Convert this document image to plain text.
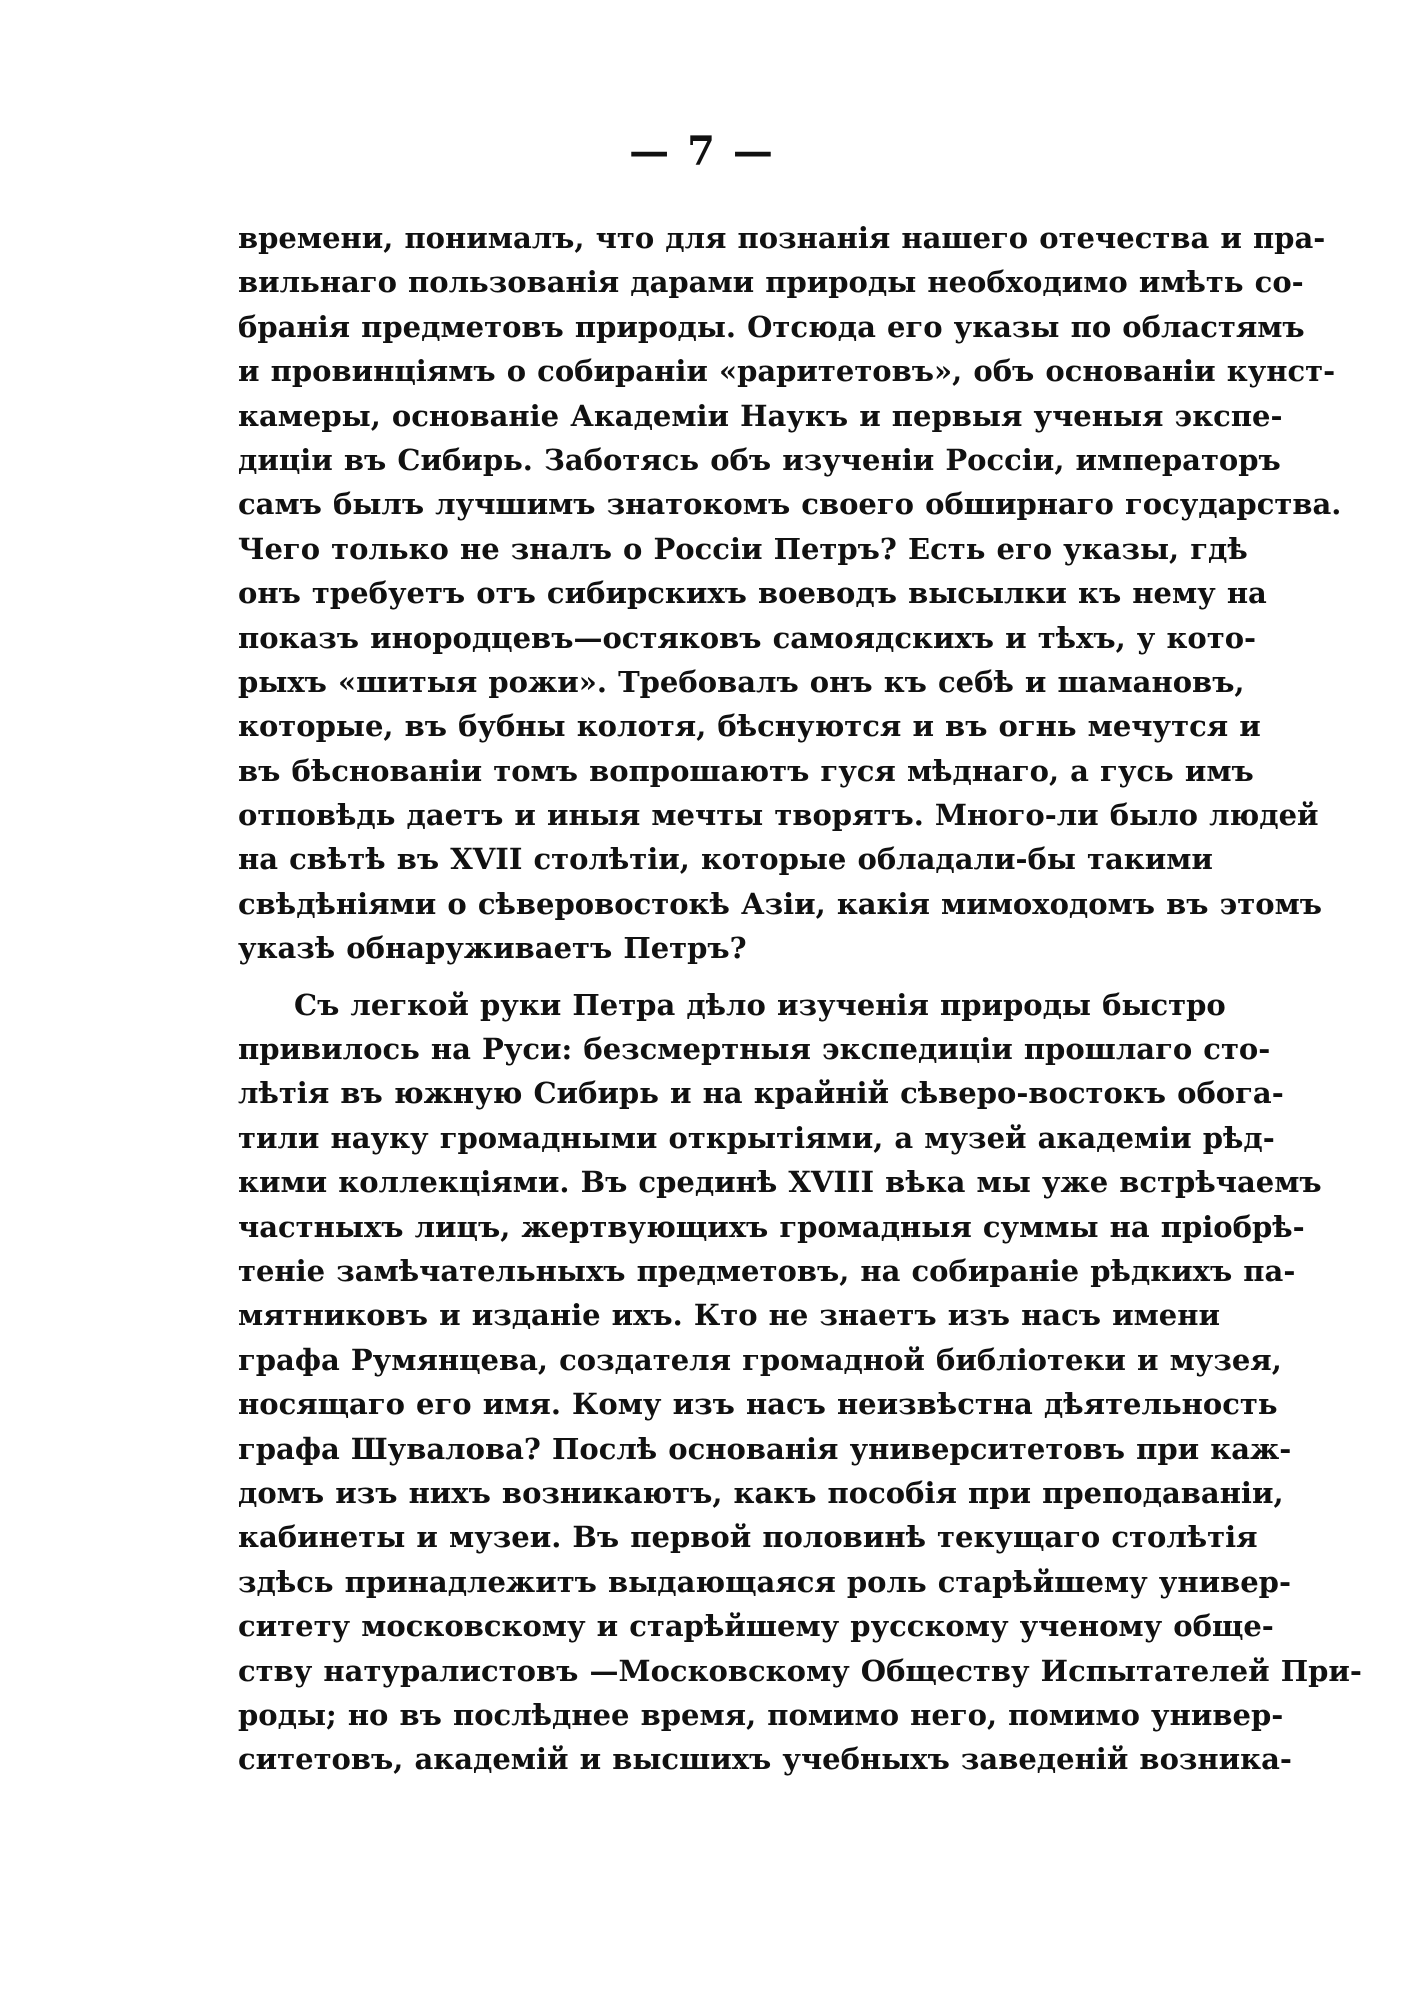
— 7 —
времени, понималъ, что для познанія нашего отечества и пра-
вильнаго пользованія дарами природы необходимо имѣть со-
бранія предметовъ природы. Отсюда его указы по областямъ
и провинціямъ о собираніи «раритетовъ», объ основаніи кунст-
камеры, основаніе Академіи Наукъ и первыя ученыя экспе-
диціи въ Сибирь. Заботясь объ изученіи Россіи, императоръ
самъ былъ лучшимъ знатокомъ своего обширнаго государства.
Чего только не зналъ о Россіи Петръ? Есть его указы, гдѣ
онъ требуетъ отъ сибирскихъ воеводъ высылки къ нему на
показъ инородцевъ—остяковъ самоядскихъ и тѣхъ, у кото-
рыхъ «шитыя рожи». Требовалъ онъ къ себѣ и шамановъ,
которые, въ бубны колотя, бѣснуются и въ огнь мечутся и
въ бѣснованіи томъ вопрошаютъ гуся мѣднаго, а гусь имъ
отповѣдь даетъ и иныя мечты творятъ. Много-ли было людей
на свѣтѣ въ XVII столѣтіи, которые обладали-бы такими
свѣдѣніями о сѣверовостокѣ Азіи, какія мимоходомъ въ этомъ
указѣ обнаруживаетъ Петръ?
Съ легкой руки Петра дѣло изученія природы быстро
привилось на Руси: безсмертныя экспедиціи прошлаго сто-
лѣтія въ южную Сибирь и на крайній сѣверо-востокъ обога-
тили науку громадными открытіями, а музей академіи рѣд-
кими коллекціями. Въ срединѣ XVIII вѣка мы уже встрѣчаемъ
частныхъ лицъ, жертвующихъ громадныя суммы на пріобрѣ-
теніе замѣчательныхъ предметовъ, на собираніе рѣдкихъ па-
мятниковъ и изданіе ихъ. Кто не знаетъ изъ насъ имени
графа Румянцева, создателя громадной библіотеки и музея,
носящаго его имя. Кому изъ насъ неизвѣстна дѣятельность
графа Шувалова? Послѣ основанія университетовъ при каж-
домъ изъ нихъ возникаютъ, какъ пособія при преподаваніи,
кабинеты и музеи. Въ первой половинѣ текущаго столѣтія
здѣсь принадлежитъ выдающаяся роль старѣйшему универ-
ситету московскому и старѣйшему русскому ученому обще-
ству натуралистовъ —Московскому Обществу Испытателей При-
роды; но въ послѣднее время, помимо него, помимо универ-
ситетовъ, академій и высшихъ учебныхъ заведеній возника-
